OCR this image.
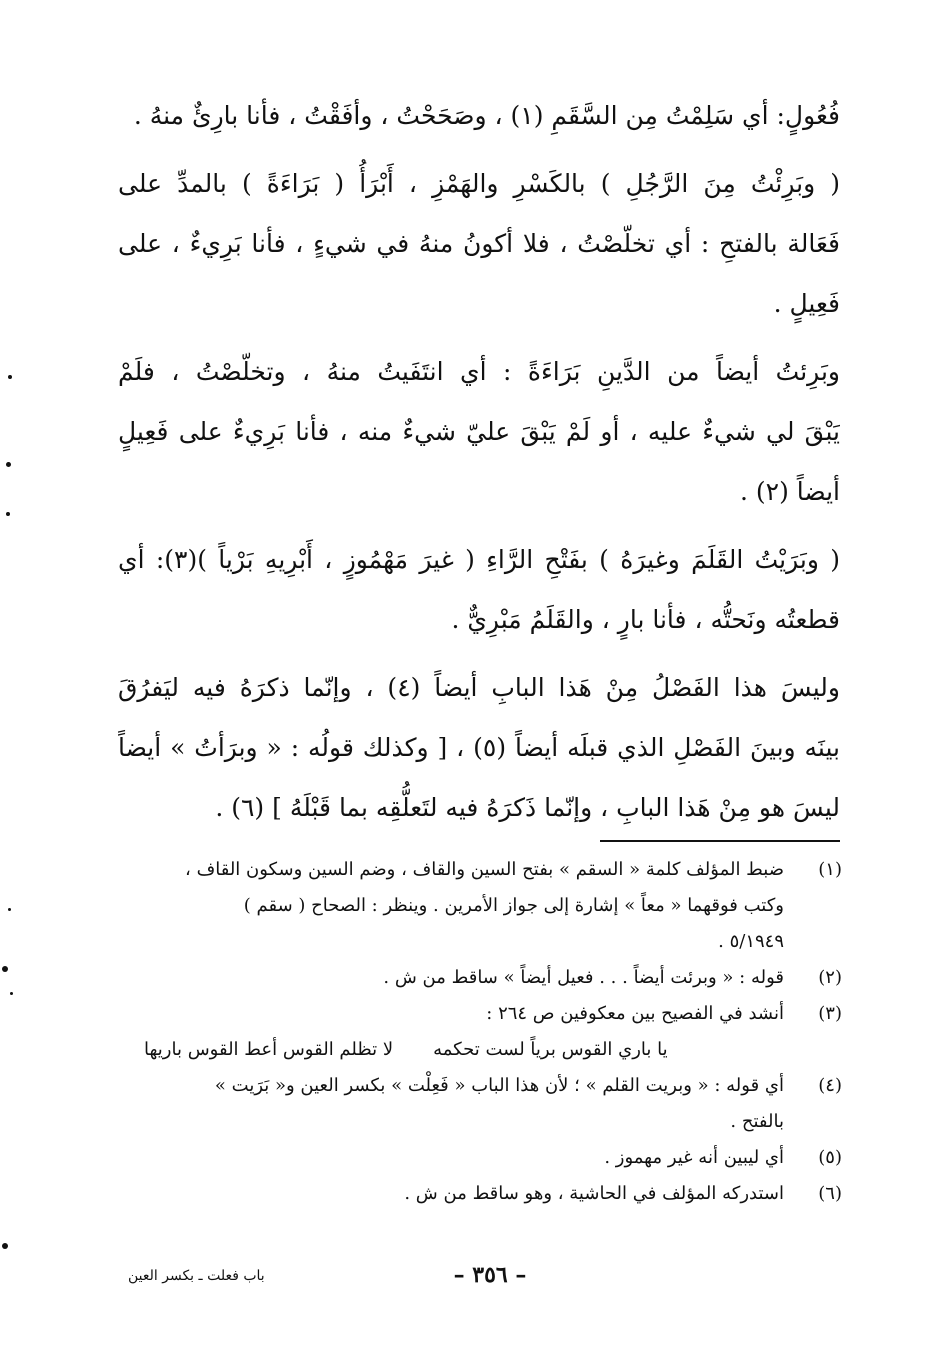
فُعُولٍ: أي سَلِمْتُ مِن السَّقَمِ (١) ، وصَحَحْتُ ، وأفَقْتُ ، فأنا بارِئٌ منهُ .

( وبَرِئْتُ مِنَ الرَّجُلِ ) بالكَسْرِ والهَمْزِ ، أَبْرَأُ ( بَرَاءَةً ) بالمدِّ على
فَعَالة بالفتحِ : أي تخلّصْتُ ، فلا أكونُ منهُ في شيءٍ ، فأنا بَرِيءٌ ، على
فَعِيلٍ .

وبَرِئتُ أيضاً من الدَّينِ بَرَاءَةً : أي انتَفَيتُ منهُ ، وتخلّصْتُ ، فلَمْ
يَبْقَ لي شيءٌ عليه ، أو لَمْ يَبْقَ عليّ شيءٌ منه ، فأنا بَرِيءٌ على فَعِيلٍ
أيضاً (٢) .

( وبَرَيْتُ القَلَمَ وغيرَهُ ) بفَتْحِ الرَّاءِ ( غيرَ مَهْمُوزٍ ، أَبْرِيهِ بَرْياً )(٣): أي
قطعتُه ونَحتُّه ، فأنا بارٍ ، والقَلَمُ مَبْرِيٌّ .

وليسَ هذا الفَصْلُ مِنْ هَذا البابِ أيضاً (٤) ، وإنّما ذكرَهُ فيه ليَفرُقَ
بينَه وبينَ الفَصْلِ الذي قبلَه أيضاً (٥) ، [ وكذلك قولُه : « وبرَأتُ » أيضاً
ليسَ هو مِنْ هَذا البابِ ، وإنّما ذَكرَهُ فيه لتَعلُّقِه بما قَبْلَهُ ] (٦) .

(١)
ضبط المؤلف كلمة « السقم » بفتح السين والقاف ، وضم السين وسكون القاف ،
وكتب فوقهما « معاً » إشارة إلى جواز الأمرين . وينظر : الصحاح ( سقم )
٥/١٩٤٩ .
(٢)
قوله : « وبرئت أيضاً . . . فعيل أيضاً » ساقط من ش .
(٣)
أنشد في الفصيح بين معكوفين ص ٢٦٤ :
يا باري القوس برياً لست تحكمه
لا تظلم القوس أعط القوس باريها
(٤)
أي قوله : « وبريت القلم » ؛ لأن هذا الباب « فَعِلْت » بكسر العين و« بَرَيت »
بالفتح .
(٥)
أي ليبين أنه غير مهموز .
(٦)
استدركه المؤلف في الحاشية ، وهو ساقط من ش .
– ٣٥٦ –
باب فعلت ـ بكسر العين
